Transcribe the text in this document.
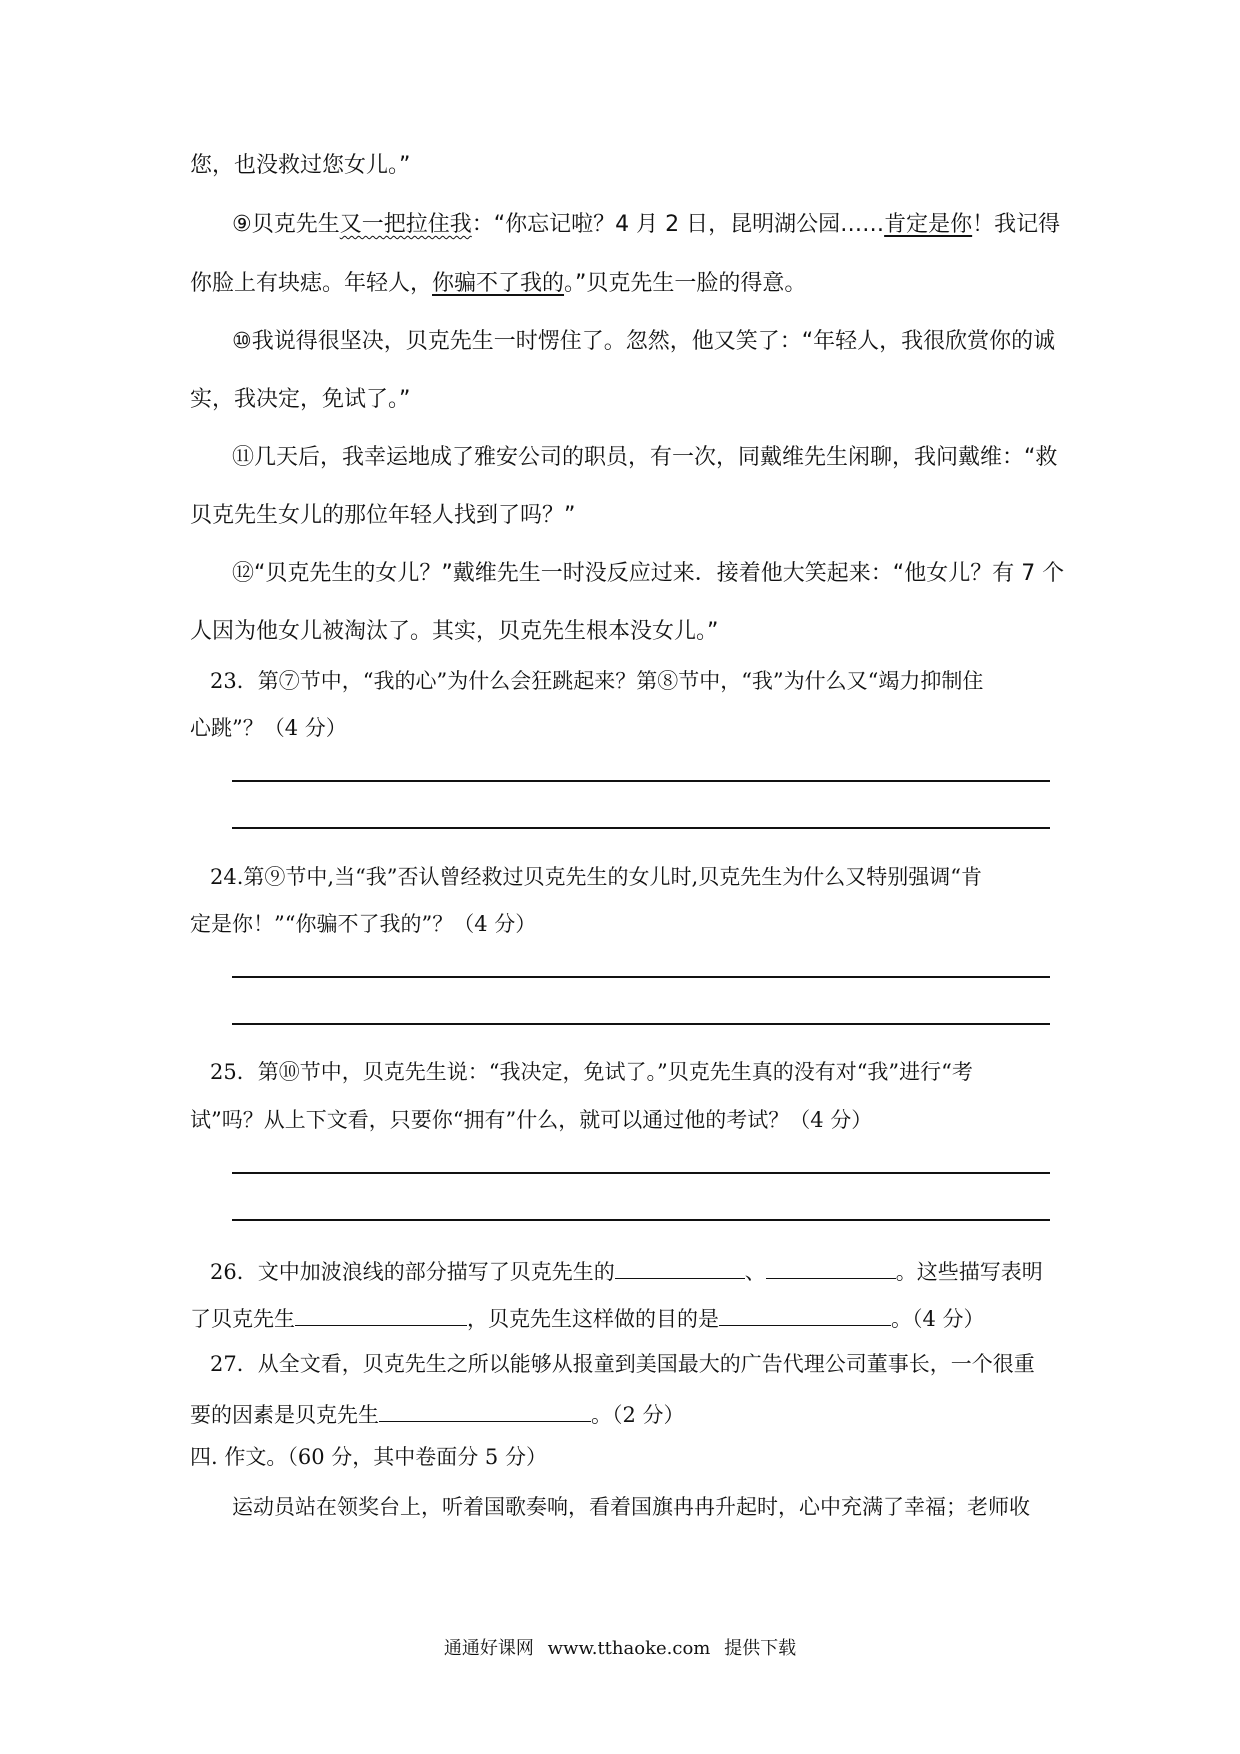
您，也没救过您女儿。”
⑨贝克先生又一把拉住我：“你忘记啦？4 月 2 日，昆明湖公园……肯定是你！我记得
你脸上有块痣。年轻人，你骗不了我的。”贝克先生一脸的得意。
⑩我说得很坚决，贝克先生一时愣住了。忽然，他又笑了：“年轻人，我很欣赏你的诚
实，我决定，免试了。”
⑪几天后，我幸运地成了雅安公司的职员，有一次，同戴维先生闲聊，我问戴维：“救
贝克先生女儿的那位年轻人找到了吗？”
⑫“贝克先生的女儿？”戴维先生一时没反应过来．接着他大笑起来：“他女儿？有 7 个
人因为他女儿被淘汰了。其实，贝克先生根本没女儿。”
23．第⑦节中，“我的心”为什么会狂跳起来？第⑧节中，“我”为什么又“竭力抑制住
心跳”？（4 分）
24.第⑨节中,当“我”否认曾经救过贝克先生的女儿时,贝克先生为什么又特别强调“肯
定是你！”“你骗不了我的”？（4 分）
25．第⑩节中，贝克先生说：“我决定，免试了。”贝克先生真的没有对“我”进行“考
试”吗？从上下文看，只要你“拥有”什么，就可以通过他的考试？（4 分）
26．文中加波浪线的部分描写了贝克先生的	、	。这些描写表明
了贝克先生	，贝克先生这样做的目的是	。（4 分）
27．从全文看，贝克先生之所以能够从报童到美国最大的广告代理公司董事长，一个很重
要的因素是贝克先生	。（2 分）
四. 作文。（60 分，其中卷面分 5 分）
运动员站在领奖台上，听着国歌奏响，看着国旗冉冉升起时，心中充满了幸福；老师收
通通好课网 www.tthaoke.com 提供下载
